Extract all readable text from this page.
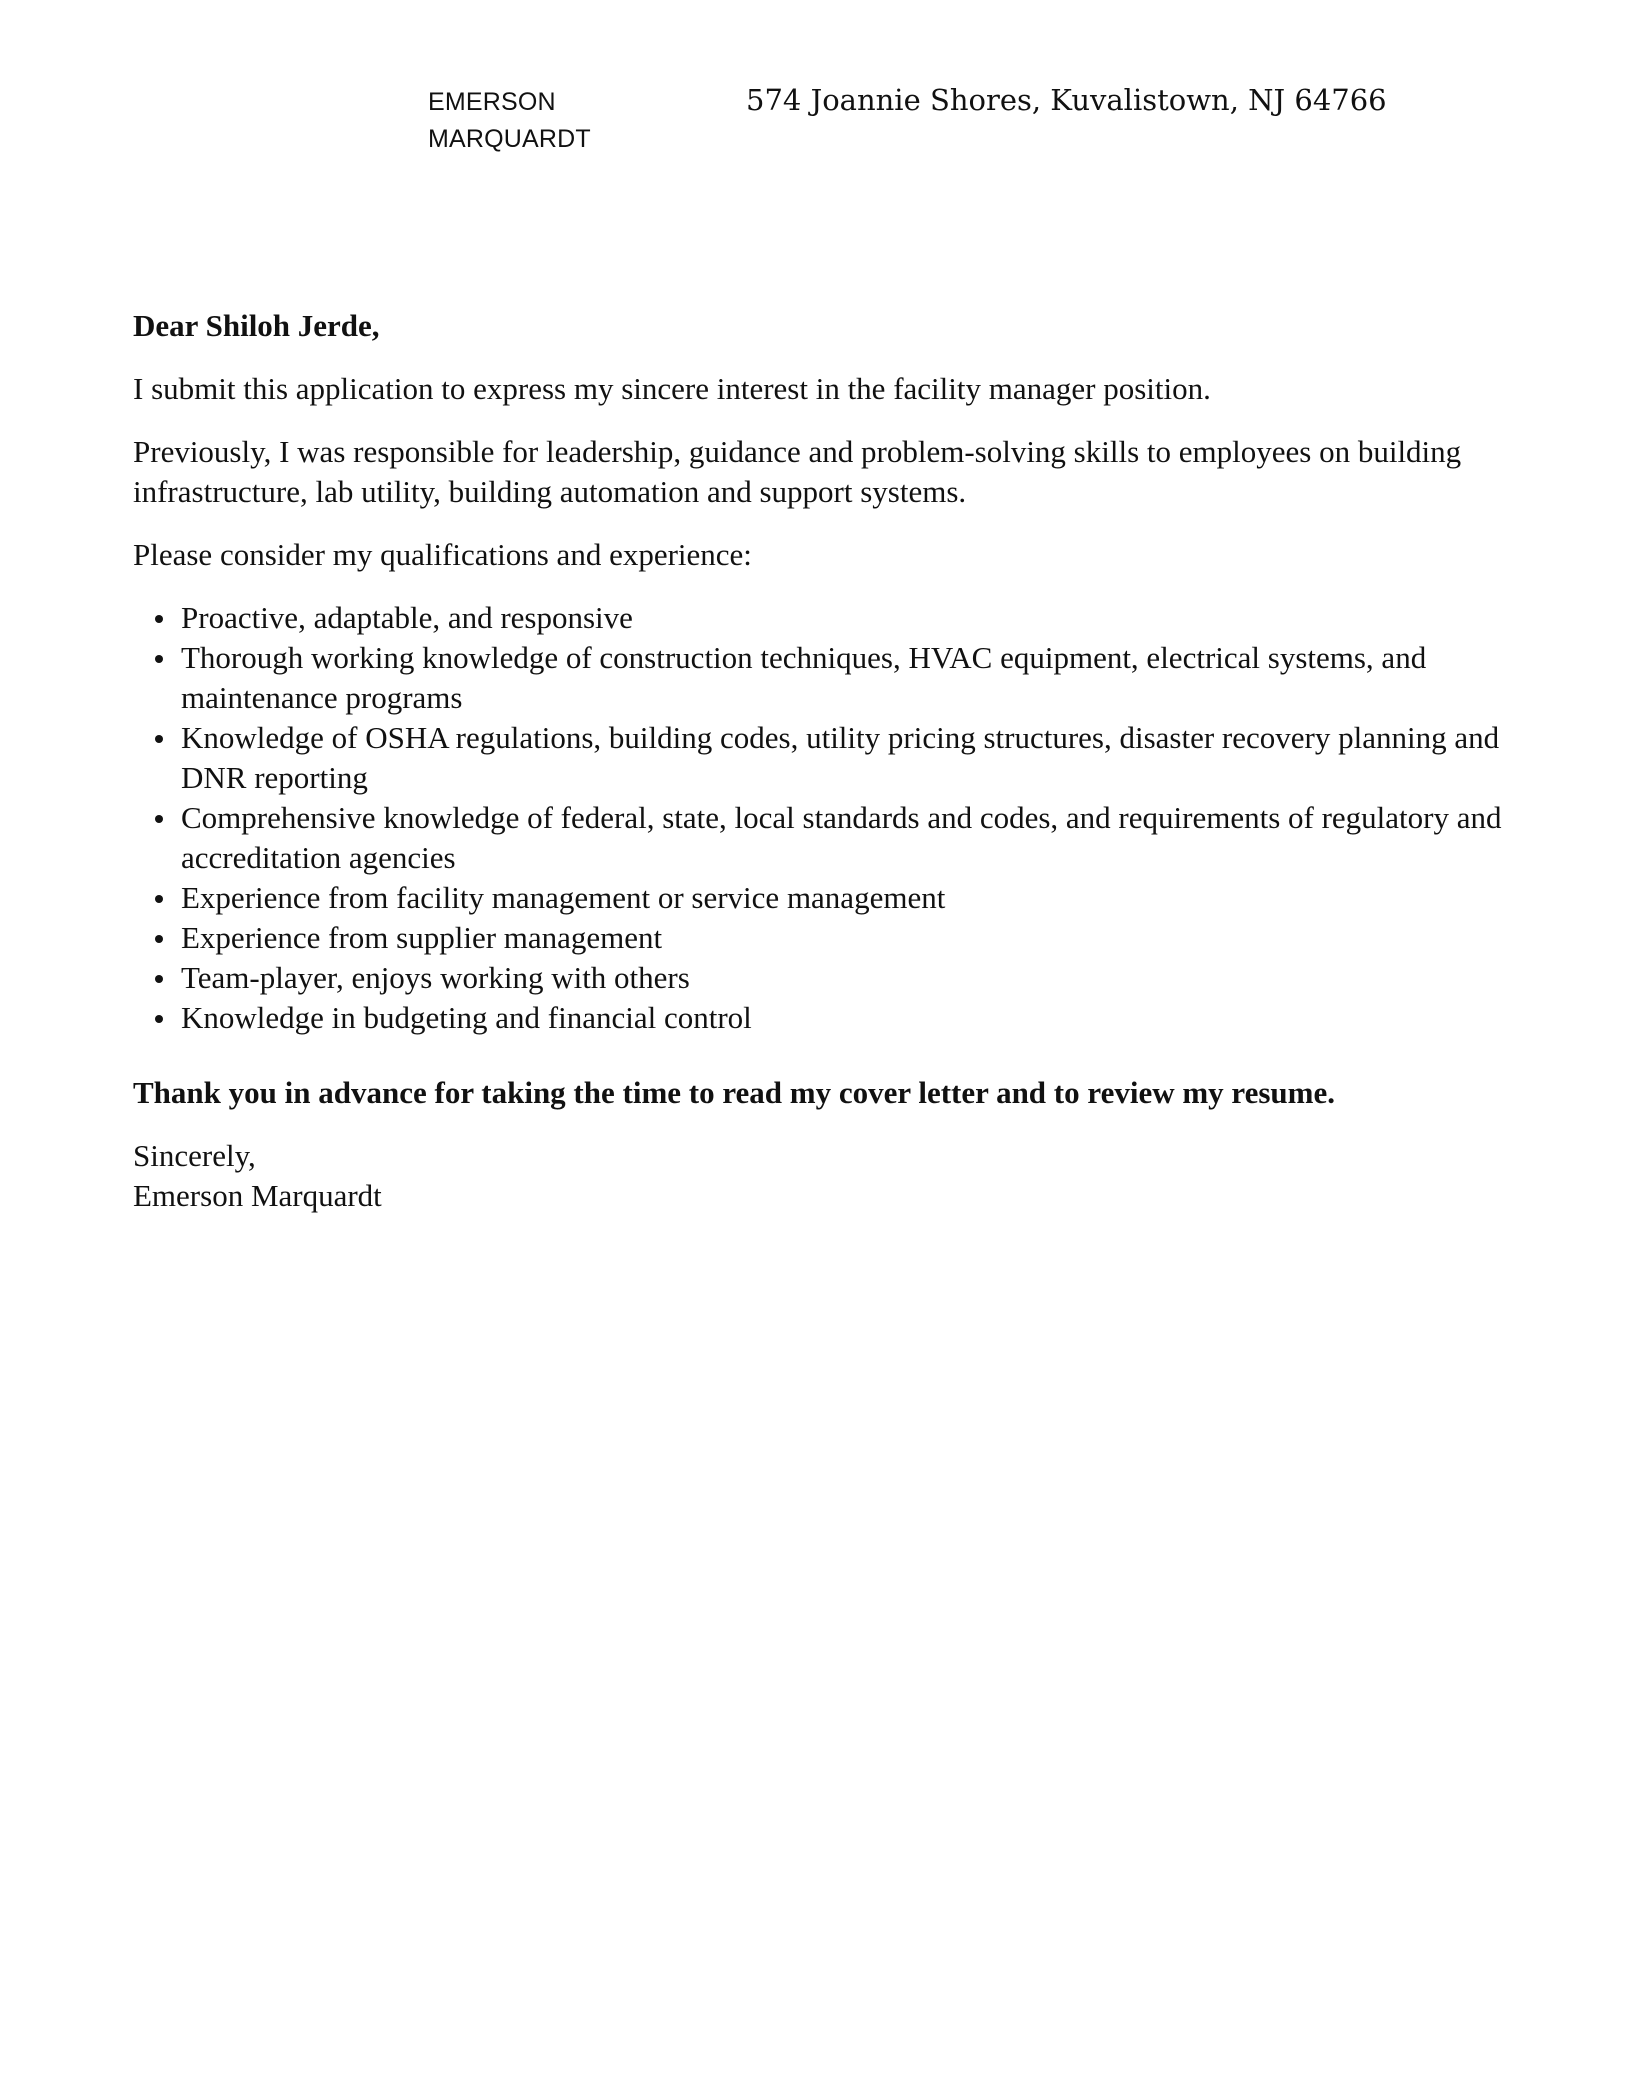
EMERSON
MARQUARDT
574 Joannie Shores, Kuvalistown, NJ 64766

Dear Shiloh Jerde,

I submit this application to express my sincere interest in the facility manager position.

Previously, I was responsible for leadership, guidance and problem-solving skills to employees on building infrastructure, lab utility, building automation and support systems.

Please consider my qualifications and experience:

Proactive, adaptable, and responsive
Thorough working knowledge of construction techniques, HVAC equipment, electrical systems, and maintenance programs
Knowledge of OSHA regulations, building codes, utility pricing structures, disaster recovery planning and DNR reporting
Comprehensive knowledge of federal, state, local standards and codes, and requirements of regulatory and accreditation agencies
Experience from facility management or service management
Experience from supplier management
Team-player, enjoys working with others
Knowledge in budgeting and financial control

Thank you in advance for taking the time to read my cover letter and to review my resume.

Sincerely,
Emerson Marquardt
